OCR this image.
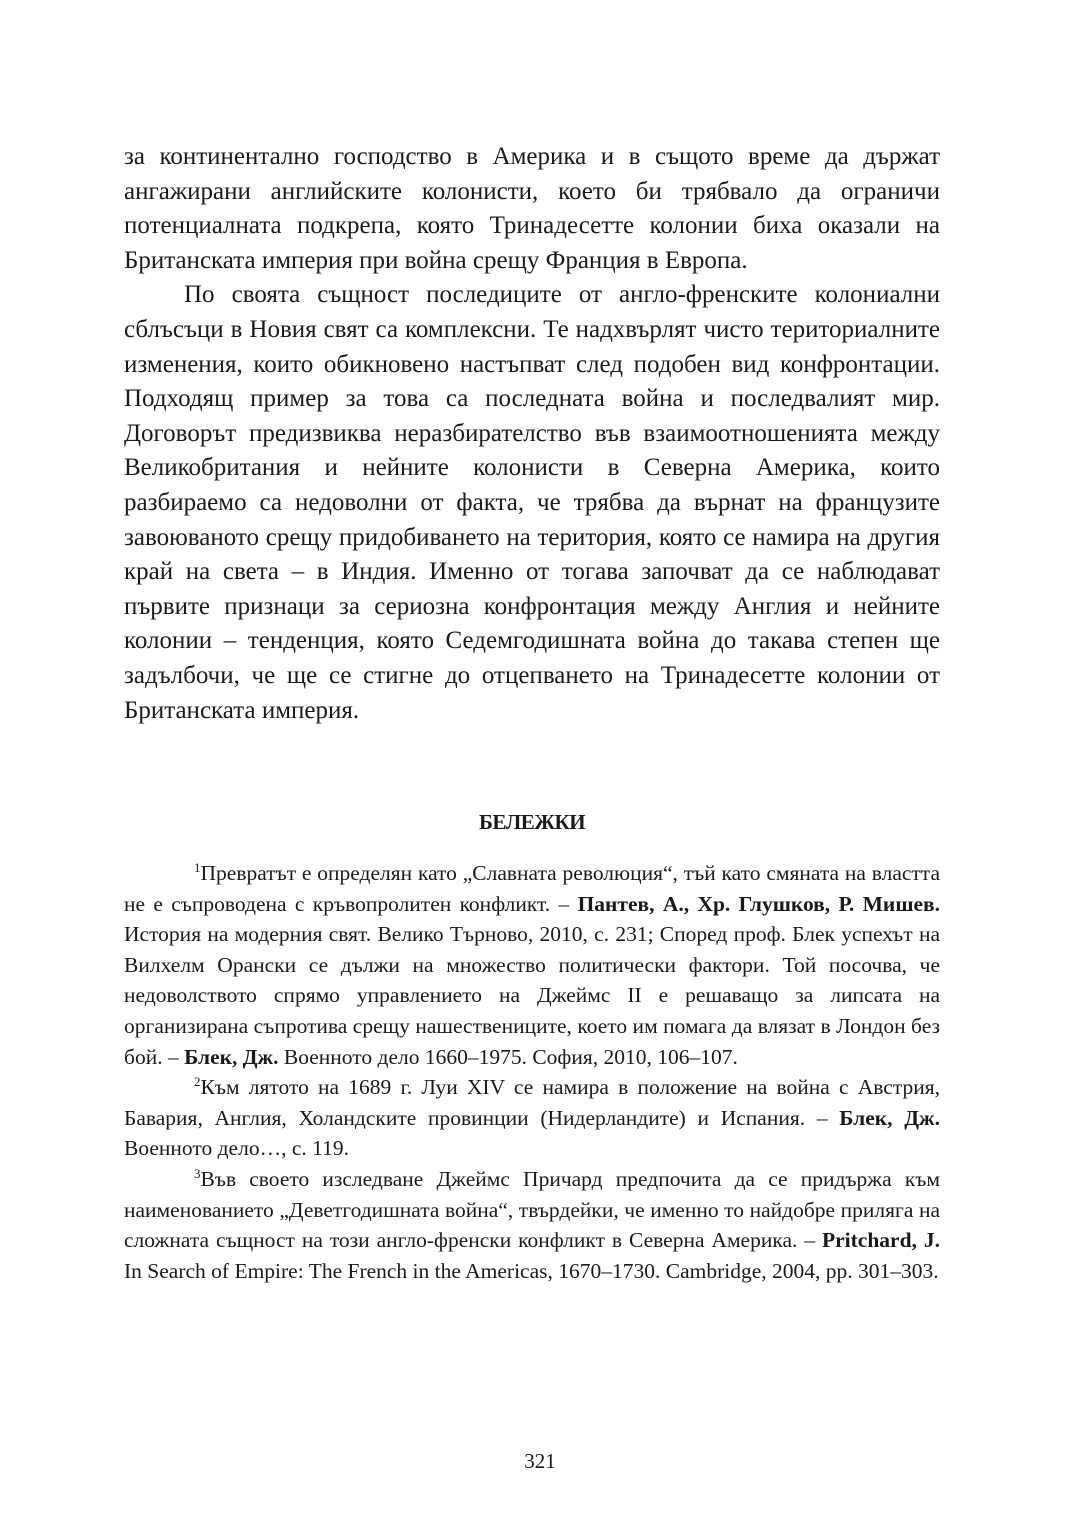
за континентално господство в Америка и в същото време да държат ангажирани английските колонисти, което би трябвало да ограничи потенциалната подкрепа, която Тринадесетте колонии биха оказали на Британската империя при война срещу Франция в Европа.

По своята същност последиците от англо-френските колониални сблъсъци в Новия свят са комплексни. Те надхвърлят чисто териториалните изменения, които обикновено настъпват след подобен вид конфронтации. Подходящ пример за това са последната война и последвалият мир. Договорът предизвиква неразбирателство във взаимоотношенията между Великобритания и нейните колонисти в Северна Америка, които разбираемо са недоволни от факта, че трябва да върнат на французите завоюваното срещу придобиването на територия, която се намира на другия край на света – в Индия. Именно от тогава започват да се наблюдават първите признаци за сериозна конфронтация между Англия и нейните колонии – тенденция, която Седемгодишната война до такава степен ще задълбочи, че ще се стигне до отцепването на Тринадесетте колонии от Британската империя.

БЕЛЕЖКИ

$^1$Превратът е определян като „Славната революция“, тъй като смяната на властта не е съпроводена с кръвопролитен конфликт. – Пантев, А., Хр. Глушков, Р. Мишев. История на модерния свят. Велико Търново, 2010, с. 231; Според проф. Блек успехът на Вилхелм Орански се дължи на множество политически фактори. Той посочва, че недоволството спрямо управлението на Джеймс II е решаващо за липсата на организирана съпротива срещу нашествениците, което им помага да влязат в Лондон без бой. – Блек, Дж. Военното дело 1660–1975. София, 2010, 106–107.

$^2$Към лятото на 1689 г. Луи XIV се намира в положение на война с Австрия, Бавария, Англия, Холандските провинции (Нидерландите) и Испания. – Блек, Дж. Военното дело…, с. 119.

$^3$Във своето изследване Джеймс Причард предпочита да се придържа към наименованието „Деветгодишната война“, твърдейки, че именно то найдобре приляга на сложната същност на този англо-френски конфликт в Северна Америка. – Pritchard, J. In Search of Empire: The French in the Americas, 1670–1730. Cambridge, 2004, pp. 301–303.

321
